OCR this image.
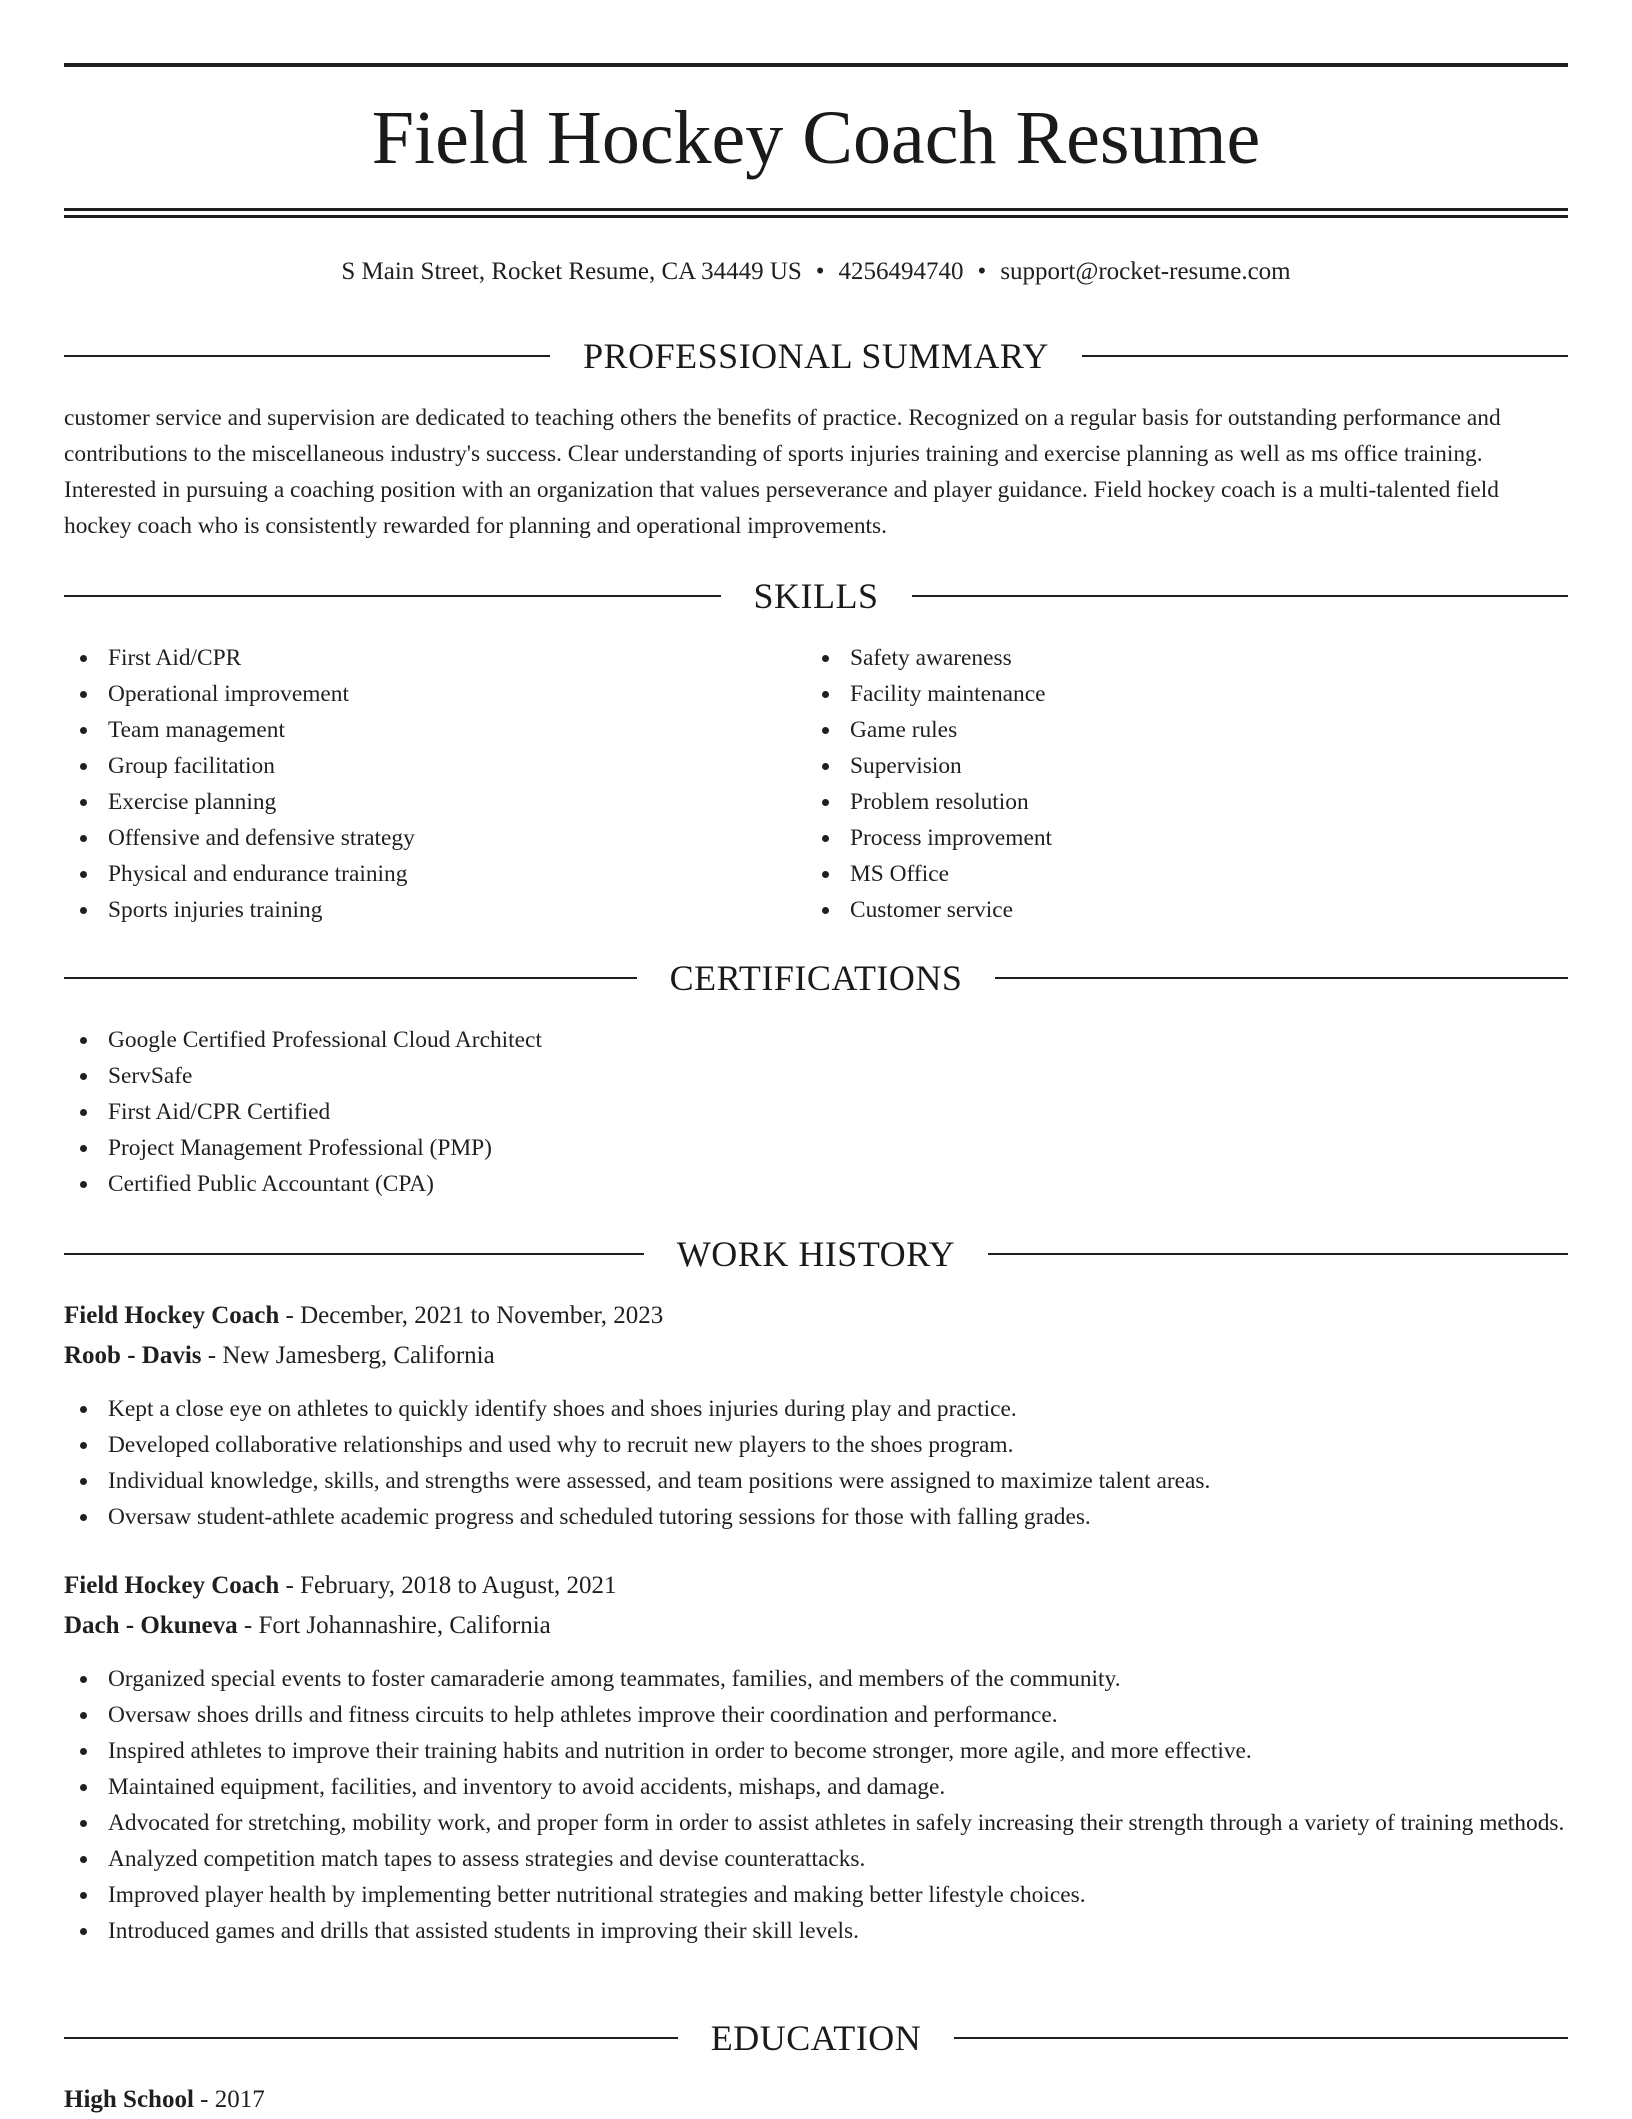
Field Hockey Coach Resume
S Main Street, Rocket Resume, CA 34449 US • 4256494740 • support@rocket-resume.com
PROFESSIONAL SUMMARY

customer service and supervision are dedicated to teaching others the benefits of practice. Recognized on a regular basis for outstanding performance and contributions to the miscellaneous industry's success. Clear understanding of sports injuries training and exercise planning as well as ms office training. Interested in pursuing a coaching position with an organization that values perseverance and player guidance. Field hockey coach is a multi-talented field hockey coach who is consistently rewarded for planning and operational improvements.

SKILLS
First Aid/CPR
Operational improvement
Team management
Group facilitation
Exercise planning
Offensive and defensive strategy
Physical and endurance training
Sports injuries training
Safety awareness
Facility maintenance
Game rules
Supervision
Problem resolution
Process improvement
MS Office
Customer service
CERTIFICATIONS
Google Certified Professional Cloud Architect
ServSafe
First Aid/CPR Certified
Project Management Professional (PMP)
Certified Public Accountant (CPA)
WORK HISTORY
Field Hockey Coach - December, 2021 to November, 2023
Roob - Davis - New Jamesberg, California
Kept a close eye on athletes to quickly identify shoes and shoes injuries during play and practice.
Developed collaborative relationships and used why to recruit new players to the shoes program.
Individual knowledge, skills, and strengths were assessed, and team positions were assigned to maximize talent areas.
Oversaw student-athlete academic progress and scheduled tutoring sessions for those with falling grades.
Field Hockey Coach - February, 2018 to August, 2021
Dach - Okuneva - Fort Johannashire, California
Organized special events to foster camaraderie among teammates, families, and members of the community.
Oversaw shoes drills and fitness circuits to help athletes improve their coordination and performance.
Inspired athletes to improve their training habits and nutrition in order to become stronger, more agile, and more effective.
Maintained equipment, facilities, and inventory to avoid accidents, mishaps, and damage.
Advocated for stretching, mobility work, and proper form in order to assist athletes in safely increasing their strength through a variety of training methods.
Analyzed competition match tapes to assess strategies and devise counterattacks.
Improved player health by implementing better nutritional strategies and making better lifestyle choices.
Introduced games and drills that assisted students in improving their skill levels.
EDUCATION
High School - 2017
